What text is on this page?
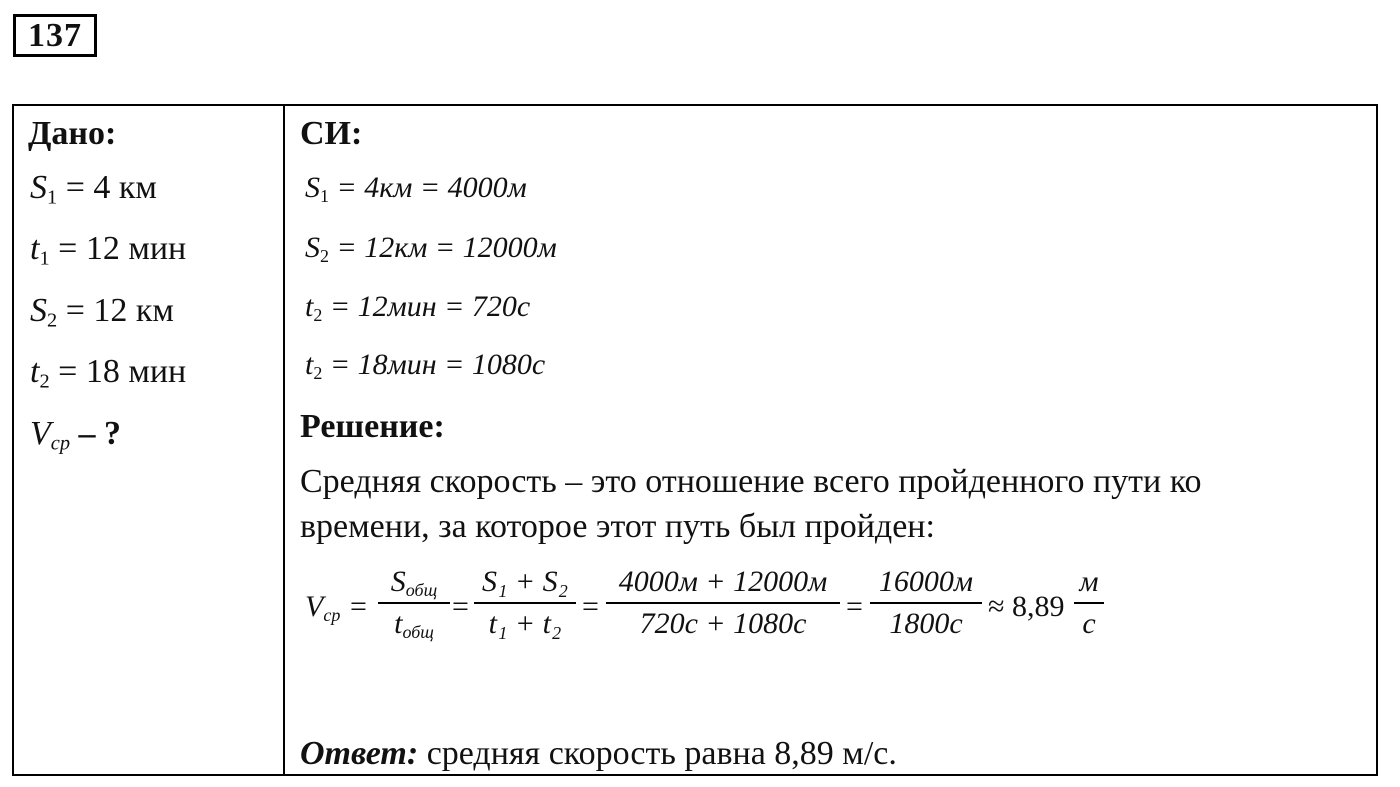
137
Дано:
$S_1 = 4$ км
$t_1 = 12$ мин
$S_2 = 12$ км
$t_2 = 18$ мин
$V_{ср}$ – ?
СИ:
$S_1 = 4км = 4000м$
$S_2 = 12км = 12000м$
$t_2 = 12мин = 720с$
$t_2 = 18мин = 1080с$
Решение:
Средняя скорость – это отношение всего пройденного пути ко
времени, за которое этот путь был пройден:
$V_{ср}$ =
$S_{общ}$
$t_{общ}$
= $\frac{\text{S₁ + S₂}}{\text{t₁ + t₂}}$ =
4000м + 12000м
720с + 1080с
=
16000м
1800с
≈ 8,89
м
с
Ответ: средняя скорость равна 8,89 м/с.
